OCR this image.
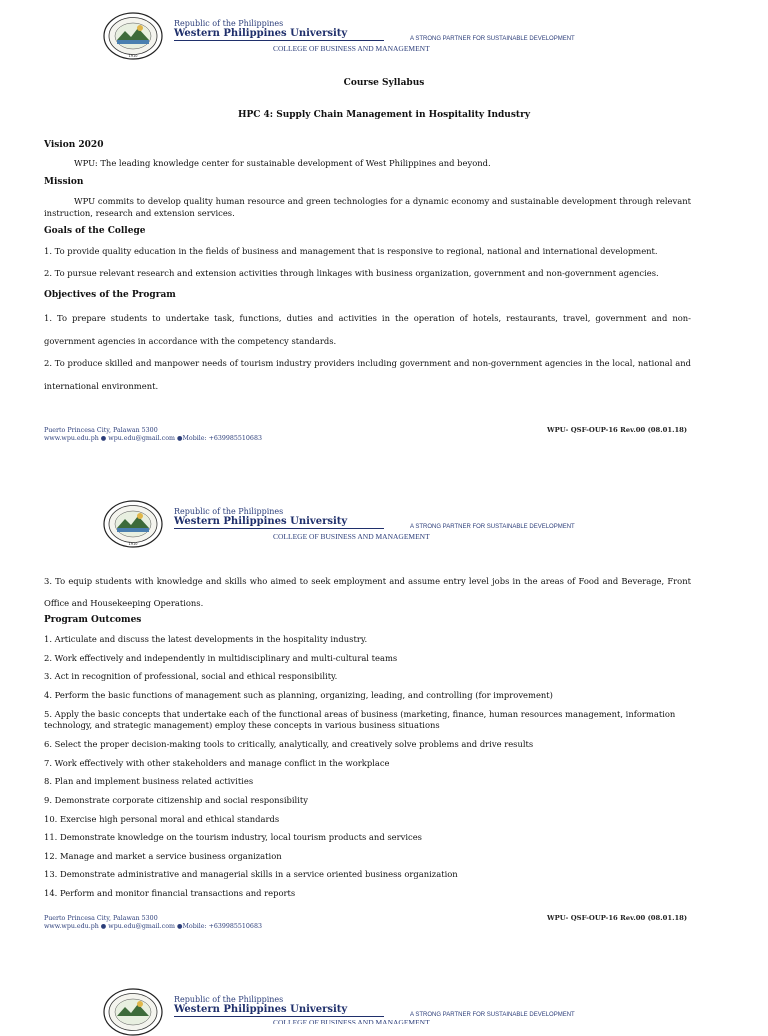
1910
Republic of the Philippines
Western Philippines University	A STRONG PARTNER FOR SUSTAINABLE DEVELOPMENT
COLLEGE OF BUSINESS AND MANAGEMENT
Course Syllabus
HPC 4: Supply Chain Management in Hospitality Industry
Vision 2020
WPU: The leading knowledge center for sustainable development of West Philippines and beyond.
Mission
WPU commits to develop quality human resource and green technologies for a dynamic economy and sustainable development through relevant instruction, research and extension services.
Goals of the College
1. To provide quality education in the fields of business and management that is responsive to regional, national and international development.
2. To pursue relevant research and extension activities through linkages with business organization, government and non-government agencies.
Objectives of the Program
1. To prepare students to undertake task, functions, duties and activities in the operation of hotels, restaurants, travel, government and non-government agencies in accordance with the competency standards.
2. To produce skilled and manpower needs of tourism industry providers including government and non-government agencies in the local, national and international environment.
Puerto Princesa City, Palawan 5300
www.wpu.edu.ph ● wpu.edu@gmail.com ●Mobile: +639985510683
WPU- QSF-OUP-16 Rev.00 (08.01.18)
1910
Republic of the Philippines
Western Philippines University	A STRONG PARTNER FOR SUSTAINABLE DEVELOPMENT
COLLEGE OF BUSINESS AND MANAGEMENT
3. To equip students with knowledge and skills who aimed to seek employment and assume entry level jobs in the areas of Food and Beverage, Front Office and Housekeeping Operations.
Program Outcomes
1. Articulate and discuss the latest developments in the hospitality industry.
2. Work effectively and independently in multidisciplinary and multi-cultural teams
3. Act in recognition of professional, social and ethical responsibility.
4. Perform the basic functions of management such as planning, organizing, leading, and controlling (for improvement)
5. Apply the basic concepts that undertake each of the functional areas of business (marketing, finance, human resources management, information technology, and strategic management) employ these concepts in various business situations
6. Select the proper decision-making tools to critically, analytically, and creatively solve problems and drive results
7. Work effectively with other stakeholders and manage conflict in the workplace
8. Plan and implement business related activities
9. Demonstrate corporate citizenship and social responsibility
10. Exercise high personal moral and ethical standards
11. Demonstrate knowledge on the tourism industry, local tourism products and services
12. Manage and market a service business organization
13. Demonstrate administrative and managerial skills in a service oriented business organization
14. Perform and monitor financial transactions and reports
Puerto Princesa City, Palawan 5300
www.wpu.edu.ph ● wpu.edu@gmail.com ●Mobile: +639985510683
WPU- QSF-OUP-16 Rev.00 (08.01.18)
Republic of the Philippines
Western Philippines University	A STRONG PARTNER FOR SUSTAINABLE DEVELOPMENT
COLLEGE OF BUSINESS AND MANAGEMENT
